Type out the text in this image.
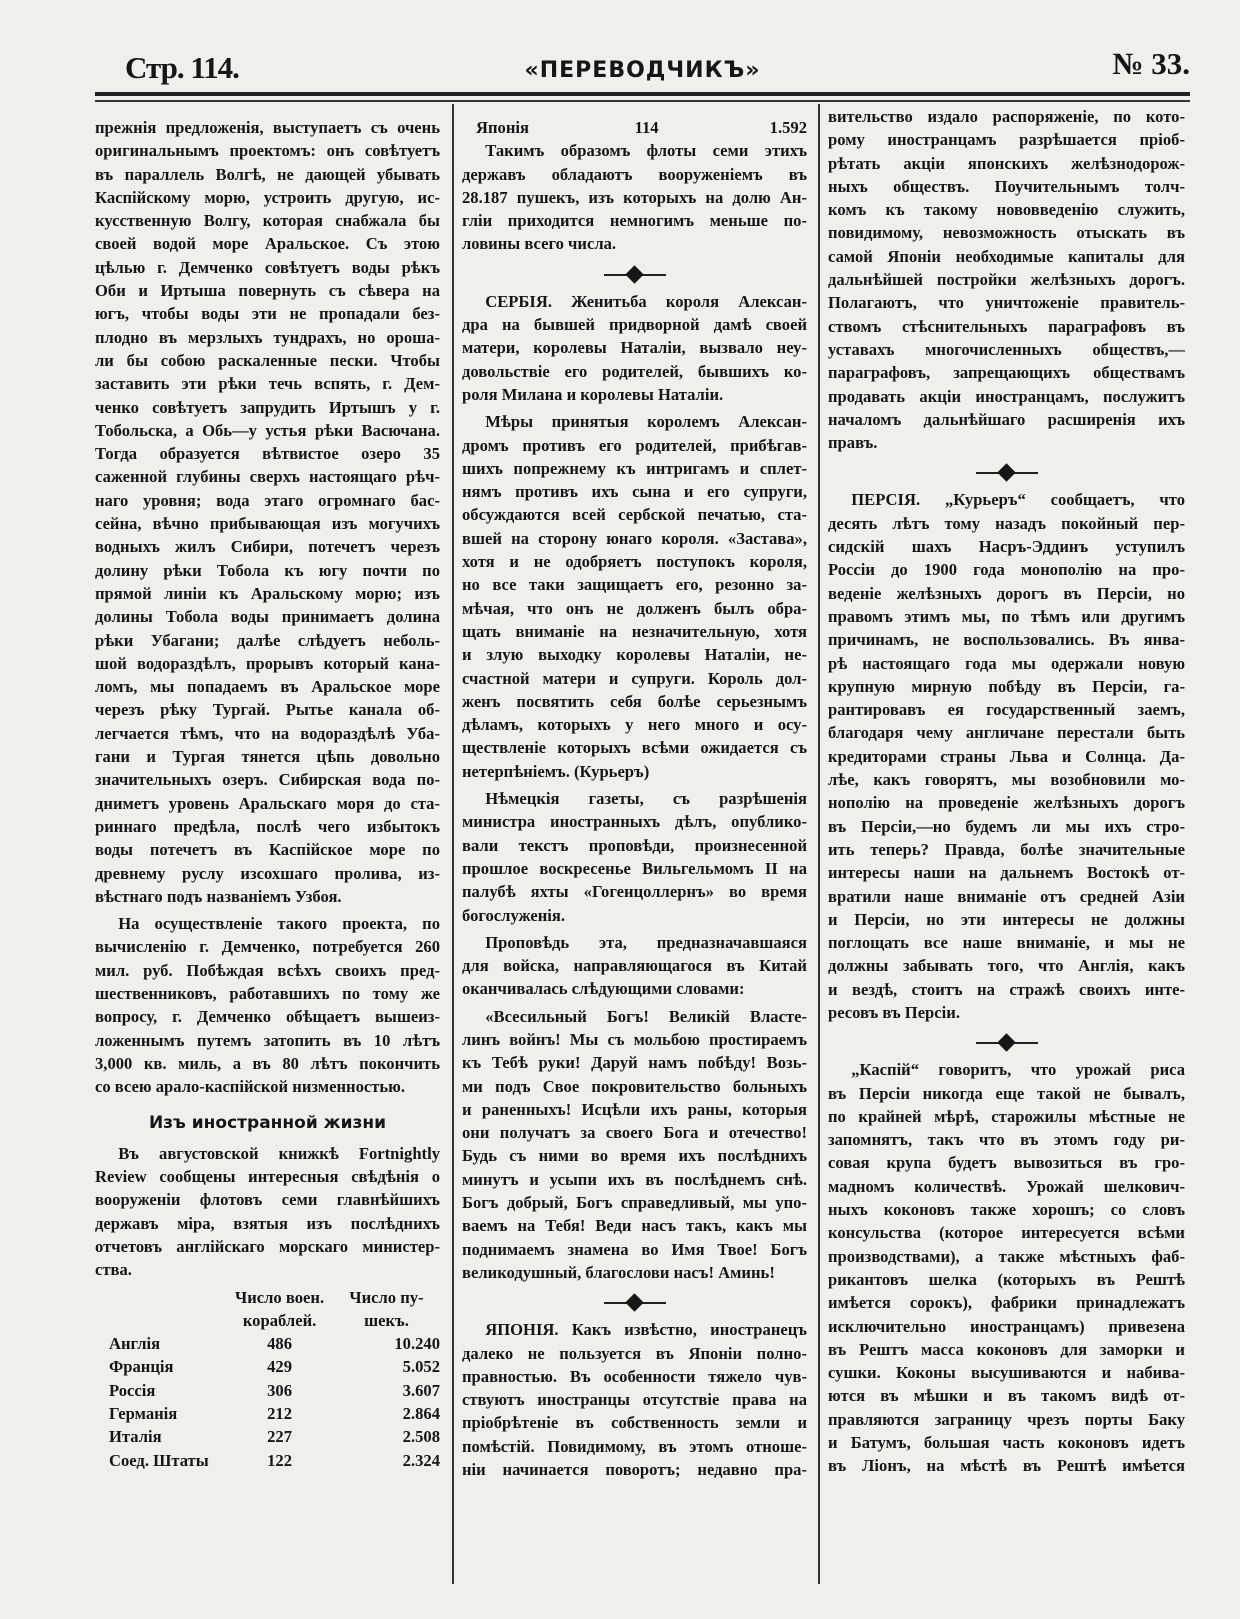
Стр. 114.	«ПЕРЕВОДЧИКЪ»	№ 33.
прежнія предложенія, выступаетъ съ очень
оригинальнымъ проектомъ: онъ совѣтуетъ
въ параллель Волгѣ, не дающей убывать
Каспійскому морю, устроить другую, ис-
кусственную Волгу, которая снабжала бы
своей водой море Аральское. Съ этою
цѣлью г. Демченко совѣтуетъ воды рѣкъ
Оби и Иртыша повернуть съ сѣвера на
югъ, чтобы воды эти не пропадали без-
плодно въ мерзлыхъ тундрахъ, но ороша-
ли бы собою раскаленные пески. Чтобы
заставить эти рѣки течь вспять, г. Дем-
ченко совѣтуетъ запрудить Иртышъ у г.
Тобольска, а Обь—у устья рѣки Васючана.
Тогда образуется вѣтвистое озеро 35
саженной глубины сверхъ настоящаго рѣч-
наго уровня; вода этаго огромнаго бас-
сейна, вѣчно прибывающая изъ могучихъ
водныхъ жилъ Сибири, потечетъ черезъ
долину рѣки Тобола къ югу почти по
прямой линіи къ Аральскому морю; изъ
долины Тобола воды принимаетъ долина
рѣки Убагани; далѣе слѣдуетъ неболь-
шой водораздѣлъ, прорывъ который кана-
ломъ, мы попадаемъ въ Аральское море
черезъ рѣку Тургай. Рытье канала об-
легчается тѣмъ, что на водораздѣлѣ Уба-
гани и Тургая тянется цѣпь довольно
значительныхъ озеръ. Сибирская вода по-
дниметъ уровень Аральскаго моря до ста-
риннаго предѣла, послѣ чего избытокъ
воды потечетъ въ Каспійское море по
древнему руслу изсохшаго пролива, из-
вѣстнаго подъ названіемъ Узбоя.
На осуществленіе такого проекта, по
вычисленію г. Демченко, потребуется 260
мил. руб. Побѣждая всѣхъ своихъ пред-
шественниковъ, работавшихъ по тому же
вопросу, г. Демченко обѣщаетъ вышеиз-
ложеннымъ путемъ затопить въ 10 лѣтъ
3,000 кв. миль, а въ 80 лѣтъ покончить
со всею арало-каспійской низменностью.
Изъ иностранной жизни
Въ августовской книжкѣ Fortnightly
Review сообщены интересныя свѣдѣнія о
вооруженіи флотовъ семи главнѣйшихъ
державъ міра, взятыя изъ послѣднихъ
отчетовъ англійскаго морскаго министер-
ства.
	Число воен. кораблей.	Число пу- шекъ.
Англія	486	10.240
Франція	429	5.052
Россія	306	3.607
Германія	212	2.864
Италія	227	2.508
Соед. Штаты	122	2.324
Японія	114	1.592
Такимъ образомъ флоты семи этихъ
державъ обладаютъ вооруженіемъ въ
28.187 пушекъ, изъ которыхъ на долю Ан-
гліи приходится немногимъ меньше по-
ловины всего числа.
СЕРБІЯ. Женитьба короля Алексан-
дра на бывшей придворной дамѣ своей
матери, королевы Наталіи, вызвало неу-
довольствіе его родителей, бывшихъ ко-
роля Милана и королевы Наталіи.
Мѣры принятыя королемъ Алексан-
дромъ противъ его родителей, прибѣгав-
шихъ попрежнему къ интригамъ и сплет-
нямъ противъ ихъ сына и его супруги,
обсуждаются всей сербской печатью, ста-
вшей на сторону юнаго короля. «Застава»,
хотя и не одобряетъ поступокъ короля,
но все таки защищаетъ его, резонно за-
мѣчая, что онъ не долженъ былъ обра-
щать вниманіе на незначительную, хотя
и злую выходку королевы Наталіи, не-
счастной матери и супруги. Король дол-
женъ посвятить себя болѣе серьезнымъ
дѣламъ, которыхъ у него много и осу-
ществленіе которыхъ всѣми ожидается съ
нетерпѣніемъ. (Курьеръ)
Нѣмецкія газеты, съ разрѣшенія
министра иностранныхъ дѣлъ, опублико-
вали текстъ проповѣди, произнесенной
прошлое воскресенье Вильгельмомъ II на
палубѣ яхты «Гогенцоллернъ» во время
богослуженія.
Проповѣдь эта, предназначавшаяся
для войска, направляющагося въ Китай
оканчивалась слѣдующими словами:
«Всесильный Богъ! Великій Власте-
линъ войнъ! Мы съ мольбою простираемъ
къ Тебѣ руки! Даруй намъ побѣду! Возь-
ми подъ Свое покровительство больныхъ
и раненныхъ! Исцѣли ихъ раны, которыя
они получатъ за своего Бога и отечество!
Будь съ ними во время ихъ послѣднихъ
минутъ и усыпи ихъ въ послѣднемъ снѣ.
Богъ добрый, Богъ справедливый, мы упо-
ваемъ на Тебя! Веди насъ такъ, какъ мы
поднимаемъ знамена во Имя Твое! Богъ
великодушный, благослови насъ! Аминь!
ЯПОНІЯ. Какъ извѣстно, иностранецъ
далеко не пользуется въ Японіи полно-
правностью. Въ особенности тяжело чув-
ствуютъ иностранцы отсутствіе права на
пріобрѣтеніе въ собственность земли и
помѣстій. Повидимому, въ этомъ отноше-
ніи начинается поворотъ; недавно пра-
вительство издало распоряженіе, по кото-
рому иностранцамъ разрѣшается пріоб-
рѣтать акціи японскихъ желѣзнодорож-
ныхъ обществъ. Поучительнымъ толч-
комъ къ такому нововведенію служить,
повидимому, невозможность отыскать въ
самой Японіи необходимые капиталы для
дальнѣйшей постройки желѣзныхъ дорогъ.
Полагаютъ, что уничтоженіе правитель-
ствомъ стѣснительныхъ параграфовъ въ
уставахъ многочисленныхъ обществъ,—
параграфовъ, запрещающихъ обществамъ
продавать акціи иностранцамъ, послужитъ
началомъ дальнѣйшаго расширенія ихъ
правъ.
ПЕРСІЯ. „Курьеръ“ сообщаетъ, что
десять лѣтъ тому назадъ покойный пер-
сидскій шахъ Насръ-Эддинъ уступилъ
Россіи до 1900 года монополію на про-
веденіе желѣзныхъ дорогъ въ Персіи, но
правомъ этимъ мы, по тѣмъ или другимъ
причинамъ, не воспользовались. Въ янва-
рѣ настоящаго года мы одержали новую
крупную мирную побѣду въ Персіи, га-
рантировавъ ея государственный заемъ,
благодаря чему англичане перестали быть
кредиторами страны Льва и Солнца. Да-
лѣе, какъ говорятъ, мы возобновили мо-
нополію на проведеніе желѣзныхъ дорогъ
въ Персіи,—но будемъ ли мы ихъ стро-
ить теперь? Правда, болѣе значительные
интересы наши на дальнемъ Востокѣ от-
вратили наше вниманіе отъ средней Азіи
и Персіи, но эти интересы не должны
поглощать все наше вниманіе, и мы не
должны забывать того, что Англія, какъ
и вездѣ, стоитъ на стражѣ своихъ инте-
ресовъ въ Персіи.
„Каспій“ говоритъ, что урожай риса
въ Персіи никогда еще такой не бывалъ,
по крайней мѣрѣ, старожилы мѣстные не
запомнятъ, такъ что въ этомъ году ри-
совая крупа будетъ вывозиться въ гро-
мадномъ количествѣ. Урожай шелкович-
ныхъ коконовъ также хорошъ; со словъ
консульства (которое интересуется всѣми
производствами), а также мѣстныхъ фаб-
рикантовъ шелка (которыхъ въ Рештѣ
имѣется сорокъ), фабрики принадлежатъ
исключительно иностранцамъ) привезена
въ Рештъ масса коконовъ для заморки и
сушки. Коконы высушиваются и набива-
ются въ мѣшки и въ такомъ видѣ от-
правляются заграницу чрезъ порты Баку
и Батумъ, большая часть коконовъ идетъ
въ Ліонъ, на мѣстѣ въ Рештѣ имѣется
